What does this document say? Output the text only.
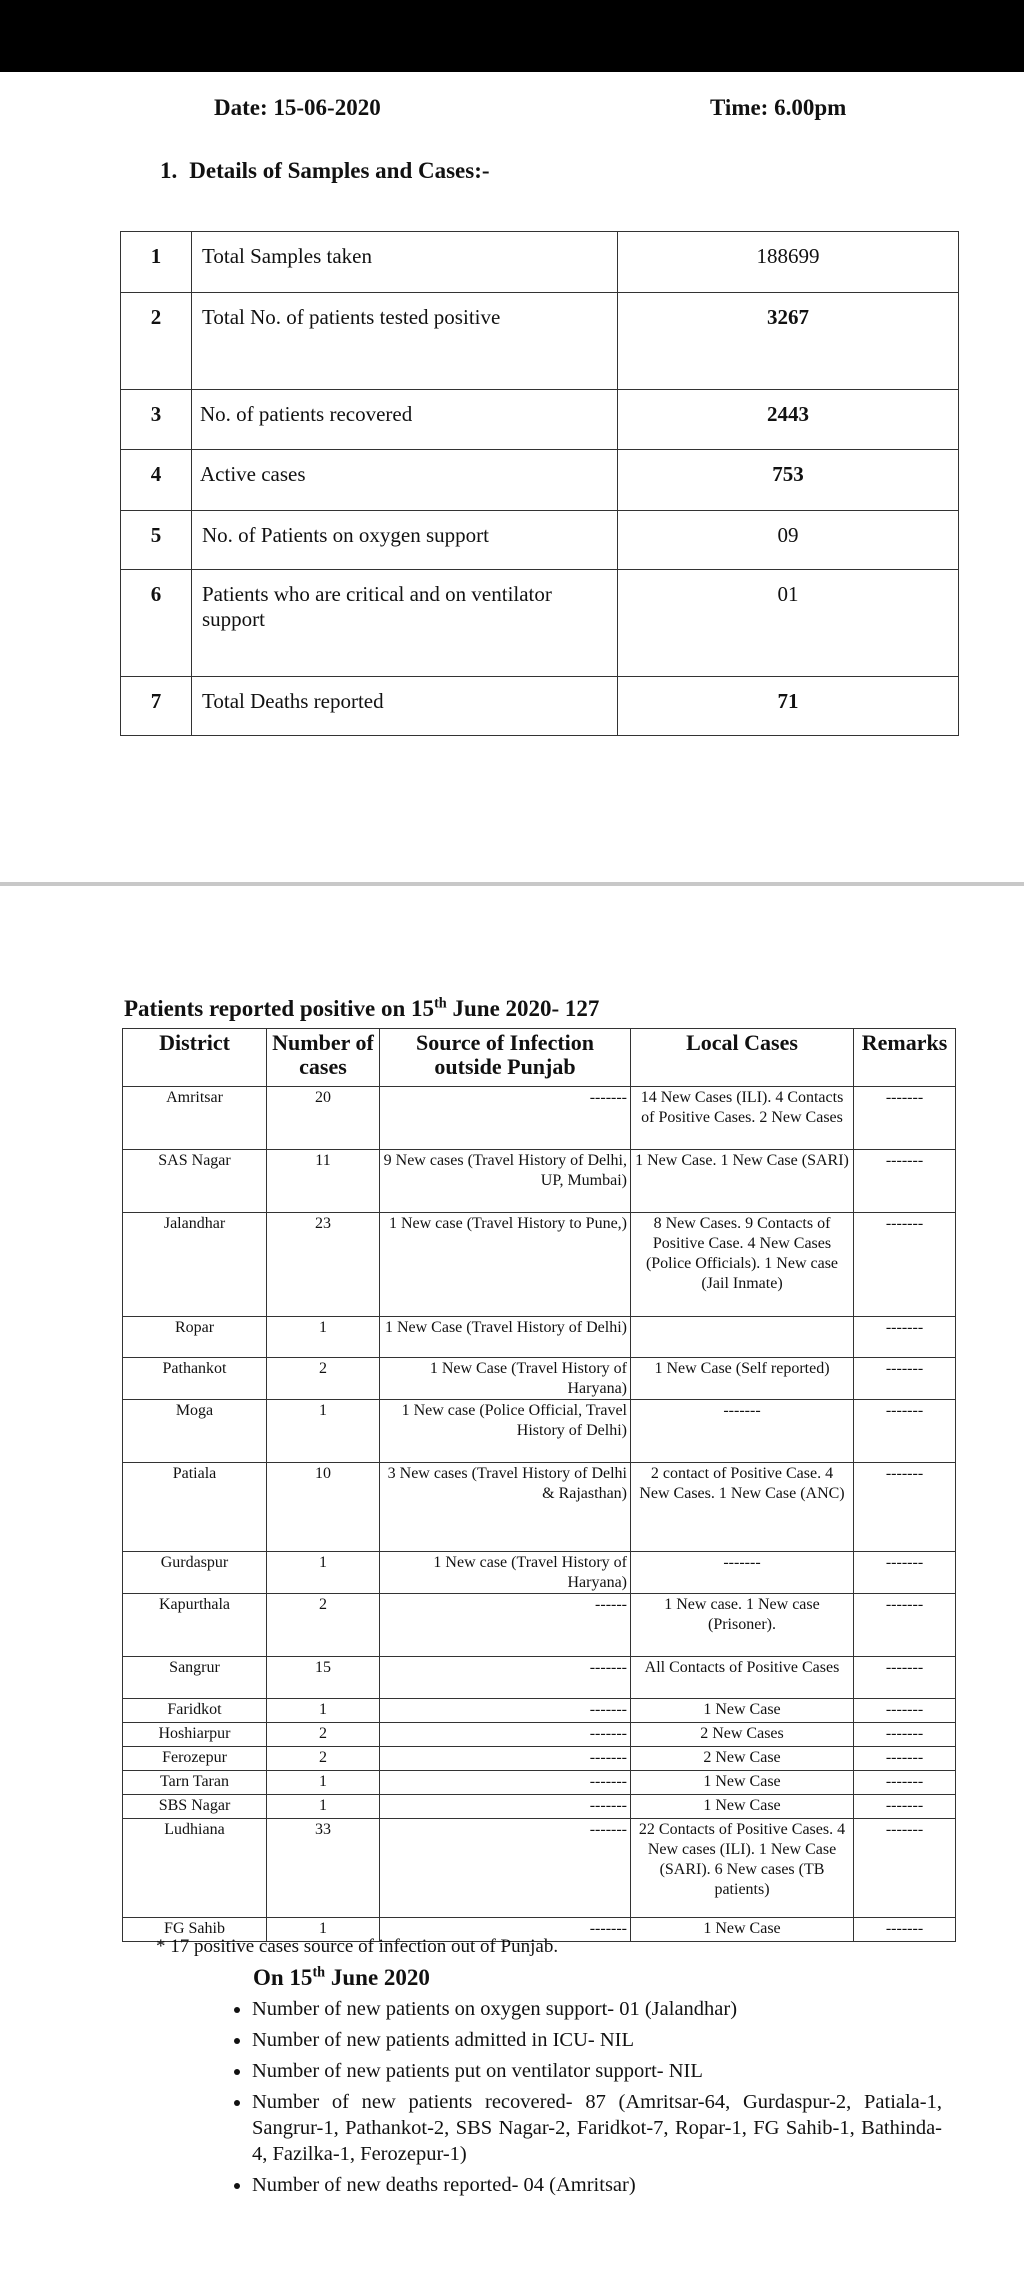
Date: 15-06-2020	Time: 6.00pm
1. Details of Samples and Cases:-
1	Total Samples taken	188699
2	Total No. of patients tested positive	3267
3	No. of patients recovered	2443
4	Active cases	753
5	No. of Patients on oxygen support	09
6	Patients who are critical and on ventilator support	01
7	Total Deaths reported	71
Patients reported positive on 15th June 2020- 127
District	Number of cases	Source of Infection outside Punjab	Local Cases	Remarks
Amritsar	20	-------	14 New Cases (ILI). 4 Contacts of Positive Cases. 2 New Cases	-------
SAS Nagar	11	9 New cases (Travel History of Delhi, UP, Mumbai)	1 New Case. 1 New Case (SARI)	-------
Jalandhar	23	1 New case (Travel History to Pune,)	8 New Cases. 9 Contacts of Positive Case. 4 New Cases (Police Officials). 1 New case (Jail Inmate)	-------
Ropar	1	1 New Case (Travel History of Delhi)		-------
Pathankot	2	1 New Case (Travel History of Haryana)	1 New Case (Self reported)	-------
Moga	1	1 New case (Police Official, Travel History of Delhi)	-------	-------
Patiala	10	3 New cases (Travel History of Delhi & Rajasthan)	2 contact of Positive Case. 4 New Cases. 1 New Case (ANC)	-------
Gurdaspur	1	1 New case (Travel History of Haryana)	-------	-------
Kapurthala	2	------	1 New case. 1 New case (Prisoner).	-------
Sangrur	15	-------	All Contacts of Positive Cases	-------
Faridkot	1	-------	1 New Case	-------
Hoshiarpur	2	-------	2 New Cases	-------
Ferozepur	2	-------	2 New Case	-------
Tarn Taran	1	-------	1 New Case	-------
SBS Nagar	1	-------	1 New Case	-------
Ludhiana	33	-------	22 Contacts of Positive Cases. 4 New cases (ILI). 1 New Case (SARI). 6 New cases (TB patients)	-------
FG Sahib	1	-------	1 New Case	-------
* 17 positive cases source of infection out of Punjab.
On 15th June 2020
• Number of new patients on oxygen support- 01 (Jalandhar)
• Number of new patients admitted in ICU- NIL
• Number of new patients put on ventilator support- NIL
• Number of new patients recovered- 87 (Amritsar-64, Gurdaspur-2, Patiala-1, Sangrur-1, Pathankot-2, SBS Nagar-2, Faridkot-7, Ropar-1, FG Sahib-1, Bathinda-4, Fazilka-1, Ferozepur-1)
• Number of new deaths reported- 04 (Amritsar)
